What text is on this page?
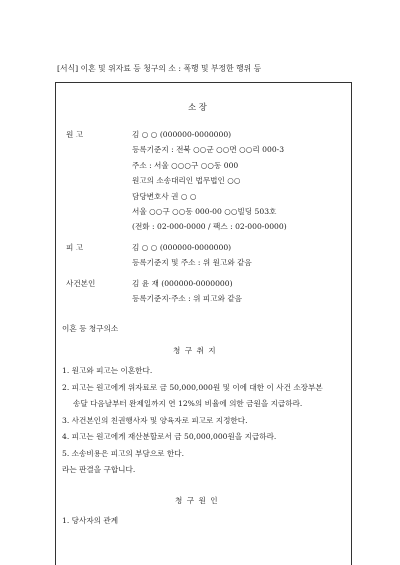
[서식] 이혼 및 위자료 등 청구의 소 : 폭행 및 부정한 행위 등
소 장
원 고	김 ○ ○ (000000-0000000)
등록기준지 : 전북 ○○군 ○○면 ○○리 000-3
주소 : 서울 ○○○구 ○○동 000
원고의 소송대리인 법무법인 ○○
담당변호사 권 ○ ○
서울 ○○구 ○○동 000-00 ○○빌딩 503호
(전화 : 02-000-0000 / 팩스 : 02-000-0000)
피 고	김 ○ ○ (000000-0000000)
등록기준지 및 주소 : 위 원고와 같음
사건본인	김 윤 재 (000000-0000000)
등록기준지·주소 : 위 피고와 같음
이혼 등 청구의소
청 구 취 지
1. 원고와 피고는 이혼한다.
2. 피고는 원고에게 위자료로 금 50,000,000원 및 이에 대한 이 사건 소장부본
송달 다음날부터 완제일까지 연 12%의 비율에 의한 금원을 지급하라.
3. 사건본인의 친권행사자 및 양육자로 피고로 지정한다.
4. 피고는 원고에게 재산분할로서 금 50,000,000원을 지급하라.
5. 소송비용은 피고의 부담으로 한다.
라는 판결을 구합니다.
청 구 원 인
1. 당사자의 관계
